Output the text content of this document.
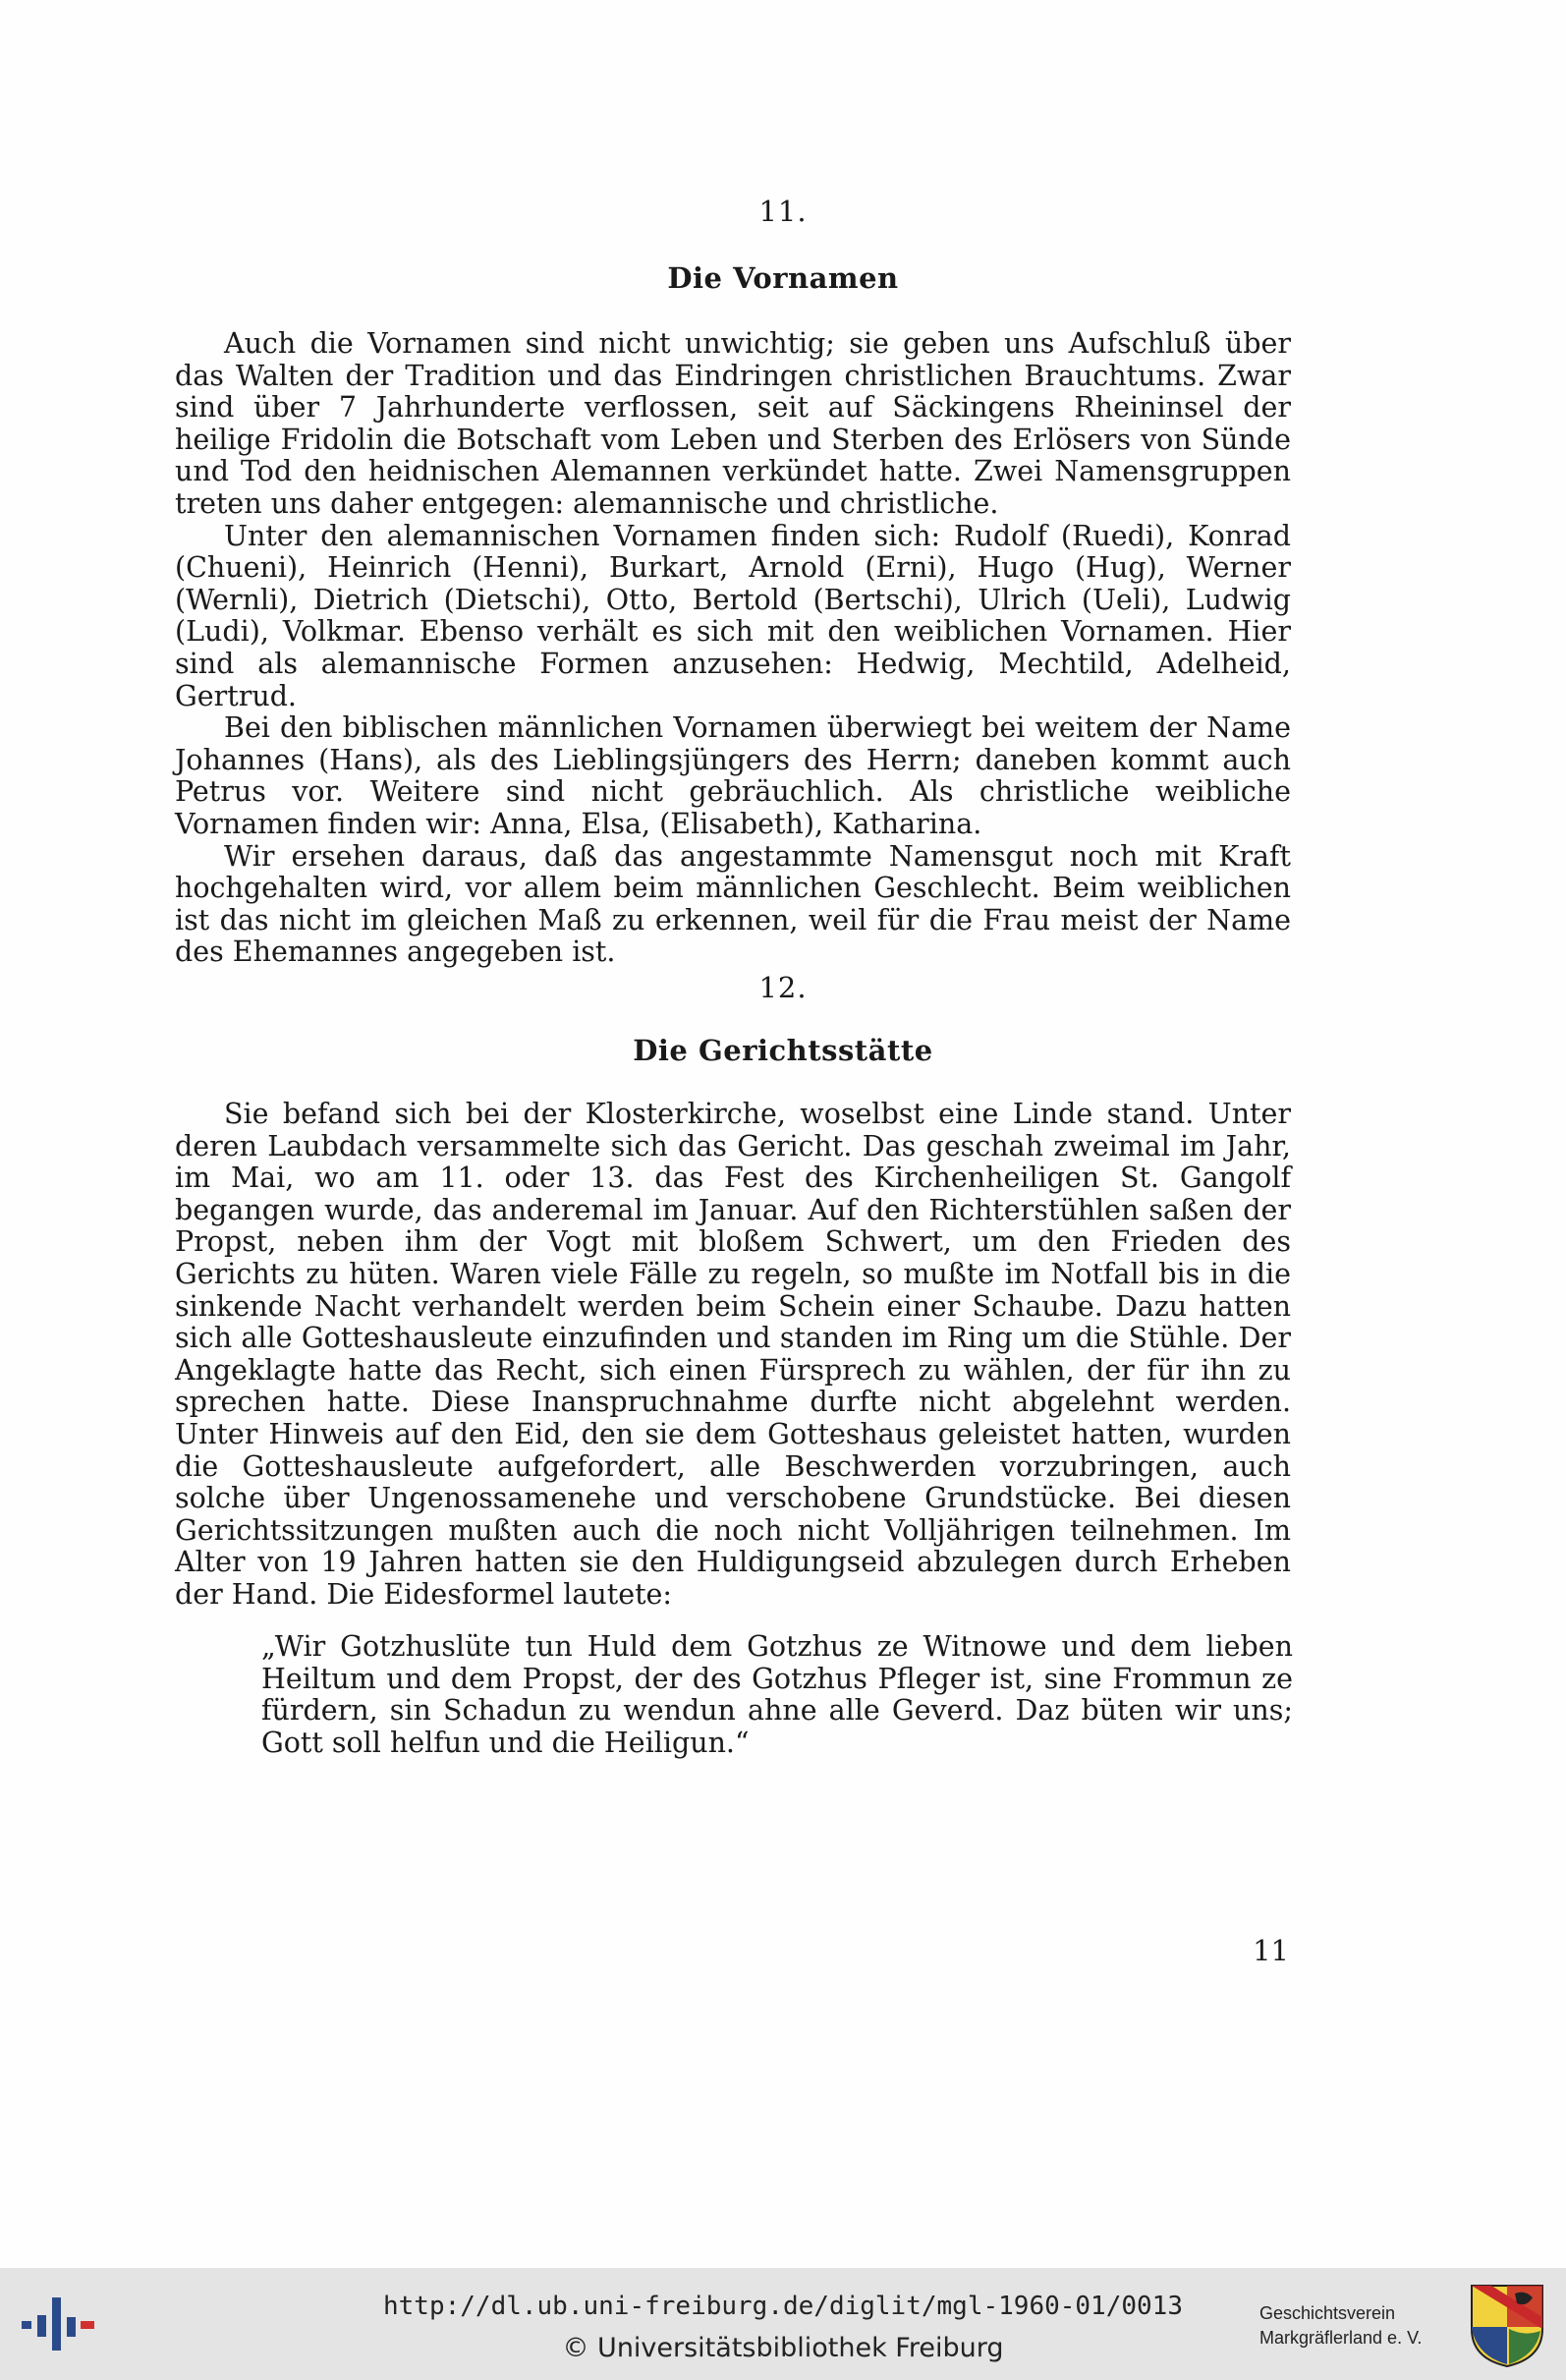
11.
Die Vornamen

Auch die Vornamen sind nicht unwichtig; sie geben uns Aufschluß über das Walten der Tradition und das Eindringen christlichen Brauchtums. Zwar sind über 7 Jahrhunderte verflossen, seit auf Säckingens Rheininsel der heilige Fridolin die Botschaft vom Leben und Sterben des Erlösers von Sünde und Tod den heidnischen Alemannen verkündet hatte. Zwei Namensgruppen treten uns daher entgegen: alemannische und christliche.

Unter den alemannischen Vornamen finden sich: Rudolf (Ruedi), Konrad (Chueni), Heinrich (Henni), Burkart, Arnold (Erni), Hugo (Hug), Werner (Wernli), Dietrich (Dietschi), Otto, Bertold (Bertschi), Ulrich (Ueli), Ludwig (Ludi), Volkmar. Ebenso verhält es sich mit den weiblichen Vornamen. Hier sind als alemannische Formen anzusehen: Hedwig, Mechtild, Adelheid, Gertrud.

Bei den biblischen männlichen Vornamen überwiegt bei weitem der Name Johannes (Hans), als des Lieblingsjüngers des Herrn; daneben kommt auch Petrus vor. Weitere sind nicht gebräuchlich. Als christliche weibliche Vornamen finden wir: Anna, Elsa, (Elisabeth), Katharina.

Wir ersehen daraus, daß das angestammte Namensgut noch mit Kraft hochgehalten wird, vor allem beim männlichen Geschlecht. Beim weiblichen ist das nicht im gleichen Maß zu erkennen, weil für die Frau meist der Name des Ehemannes angegeben ist.

12.
Die Gerichtsstätte

Sie befand sich bei der Klosterkirche, woselbst eine Linde stand. Unter deren Laubdach versammelte sich das Gericht. Das geschah zweimal im Jahr, im Mai, wo am 11. oder 13. das Fest des Kirchenheiligen St. Gangolf begangen wurde, das anderemal im Januar. Auf den Richterstühlen saßen der Propst, neben ihm der Vogt mit bloßem Schwert, um den Frieden des Gerichts zu hüten. Waren viele Fälle zu regeln, so mußte im Notfall bis in die sinkende Nacht verhandelt werden beim Schein einer Schaube. Dazu hatten sich alle Gotteshausleute einzufinden und standen im Ring um die Stühle. Der Angeklagte hatte das Recht, sich einen Fürsprech zu wählen, der für ihn zu sprechen hatte. Diese Inanspruchnahme durfte nicht abgelehnt werden. Unter Hinweis auf den Eid, den sie dem Gotteshaus geleistet hatten, wurden die Gotteshausleute aufgefordert, alle Beschwerden vorzubringen, auch solche über Ungenossamenehe und verschobene Grundstücke. Bei diesen Gerichtssitzungen mußten auch die noch nicht Volljährigen teilnehmen. Im Alter von 19 Jahren hatten sie den Huldigungseid abzulegen durch Erheben der Hand. Die Eidesformel lautete:

„Wir Gotzhuslüte tun Huld dem Gotzhus ze Witnowe und dem lieben Heiltum und dem Propst, der des Gotzhus Pfleger ist, sine Frommun ze fürdern, sin Schadun zu wendun ahne alle Geverd. Daz büten wir uns; Gott soll helfun und die Heiligun.“

11
http://dl.ub.uni-freiburg.de/diglit/mgl-1960-01/0013
© Universitätsbibliothek Freiburg
Geschichtsverein
Markgräflerland e. V.
